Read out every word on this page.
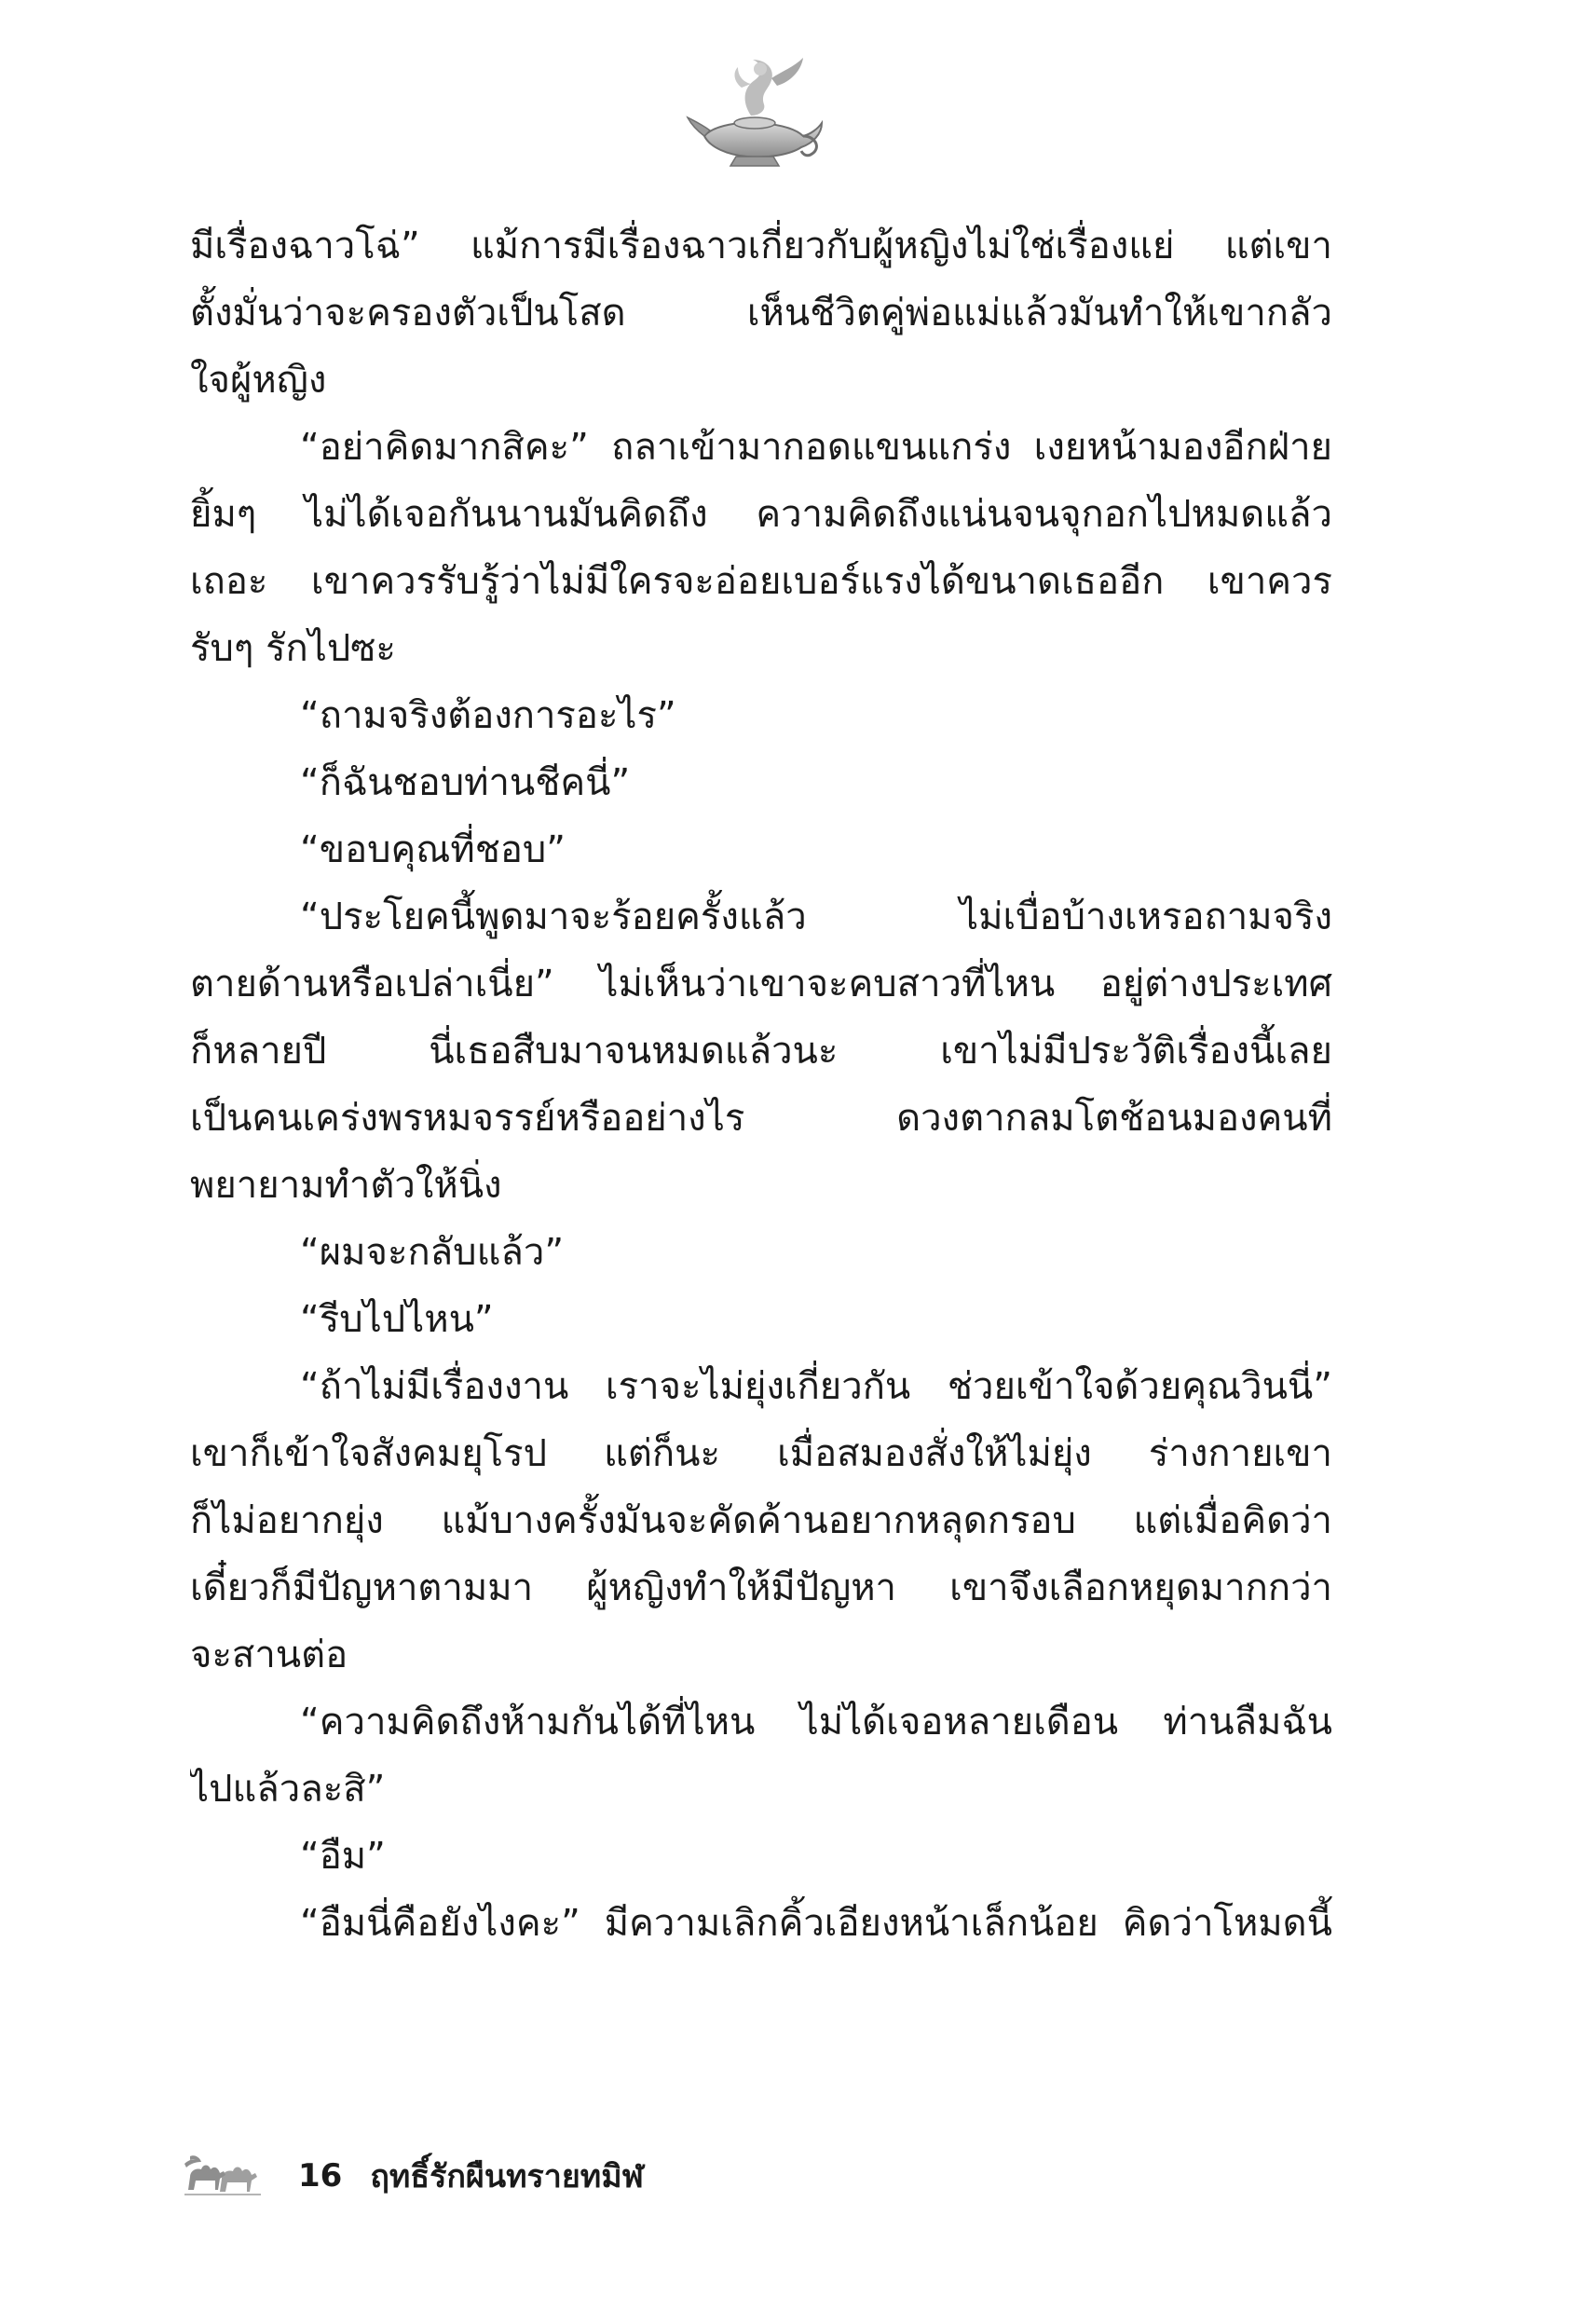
มีเรื่องฉาวโฉ่” แม้การมีเรื่องฉาวเกี่ยวกับผู้หญิงไม่ใช่เรื่องแย่ แต่เขา
ตั้งมั่นว่าจะครองตัวเป็นโสด เห็นชีวิตคู่พ่อแม่แล้วมันทำให้เขากลัว
ใจผู้หญิง
“อย่าคิดมากสิคะ” ถลาเข้ามากอดแขนแกร่ง เงยหน้ามองอีกฝ่าย
ยิ้มๆ ไม่ได้เจอกันนานมันคิดถึง ความคิดถึงแน่นจนจุกอกไปหมดแล้ว
เถอะ เขาควรรับรู้ว่าไม่มีใครจะอ่อยเบอร์แรงได้ขนาดเธออีก เขาควร
รับๆ รักไปซะ
“ถามจริงต้องการอะไร”
“ก็ฉันชอบท่านชีคนี่”
“ขอบคุณที่ชอบ”
“ประโยคนี้พูดมาจะร้อยครั้งแล้ว ไม่เบื่อบ้างเหรอถามจริง
ตายด้านหรือเปล่าเนี่ย” ไม่เห็นว่าเขาจะคบสาวที่ไหน อยู่ต่างประเทศ
ก็หลายปี นี่เธอสืบมาจนหมดแล้วนะ เขาไม่มีประวัติเรื่องนี้เลย
เป็นคนเคร่งพรหมจรรย์หรืออย่างไร ดวงตากลมโตช้อนมองคนที่
พยายามทำตัวให้นิ่ง
“ผมจะกลับแล้ว”
“รีบไปไหน”
“ถ้าไม่มีเรื่องงาน เราจะไม่ยุ่งเกี่ยวกัน ช่วยเข้าใจด้วยคุณวินนี่”
เขาก็เข้าใจสังคมยุโรป แต่ก็นะ เมื่อสมองสั่งให้ไม่ยุ่ง ร่างกายเขา
ก็ไม่อยากยุ่ง แม้บางครั้งมันจะคัดค้านอยากหลุดกรอบ แต่เมื่อคิดว่า
เดี๋ยวก็มีปัญหาตามมา ผู้หญิงทำให้มีปัญหา เขาจึงเลือกหยุดมากกว่า
จะสานต่อ
“ความคิดถึงห้ามกันได้ที่ไหน ไม่ได้เจอหลายเดือน ท่านลืมฉัน
ไปแล้วละสิ”
“อืม”
“อืมนี่คือยังไงคะ” มีความเลิกคิ้วเอียงหน้าเล็กน้อย คิดว่าโหมดนี้
16 ฤทธิ์รักผืนทรายทมิฬ
